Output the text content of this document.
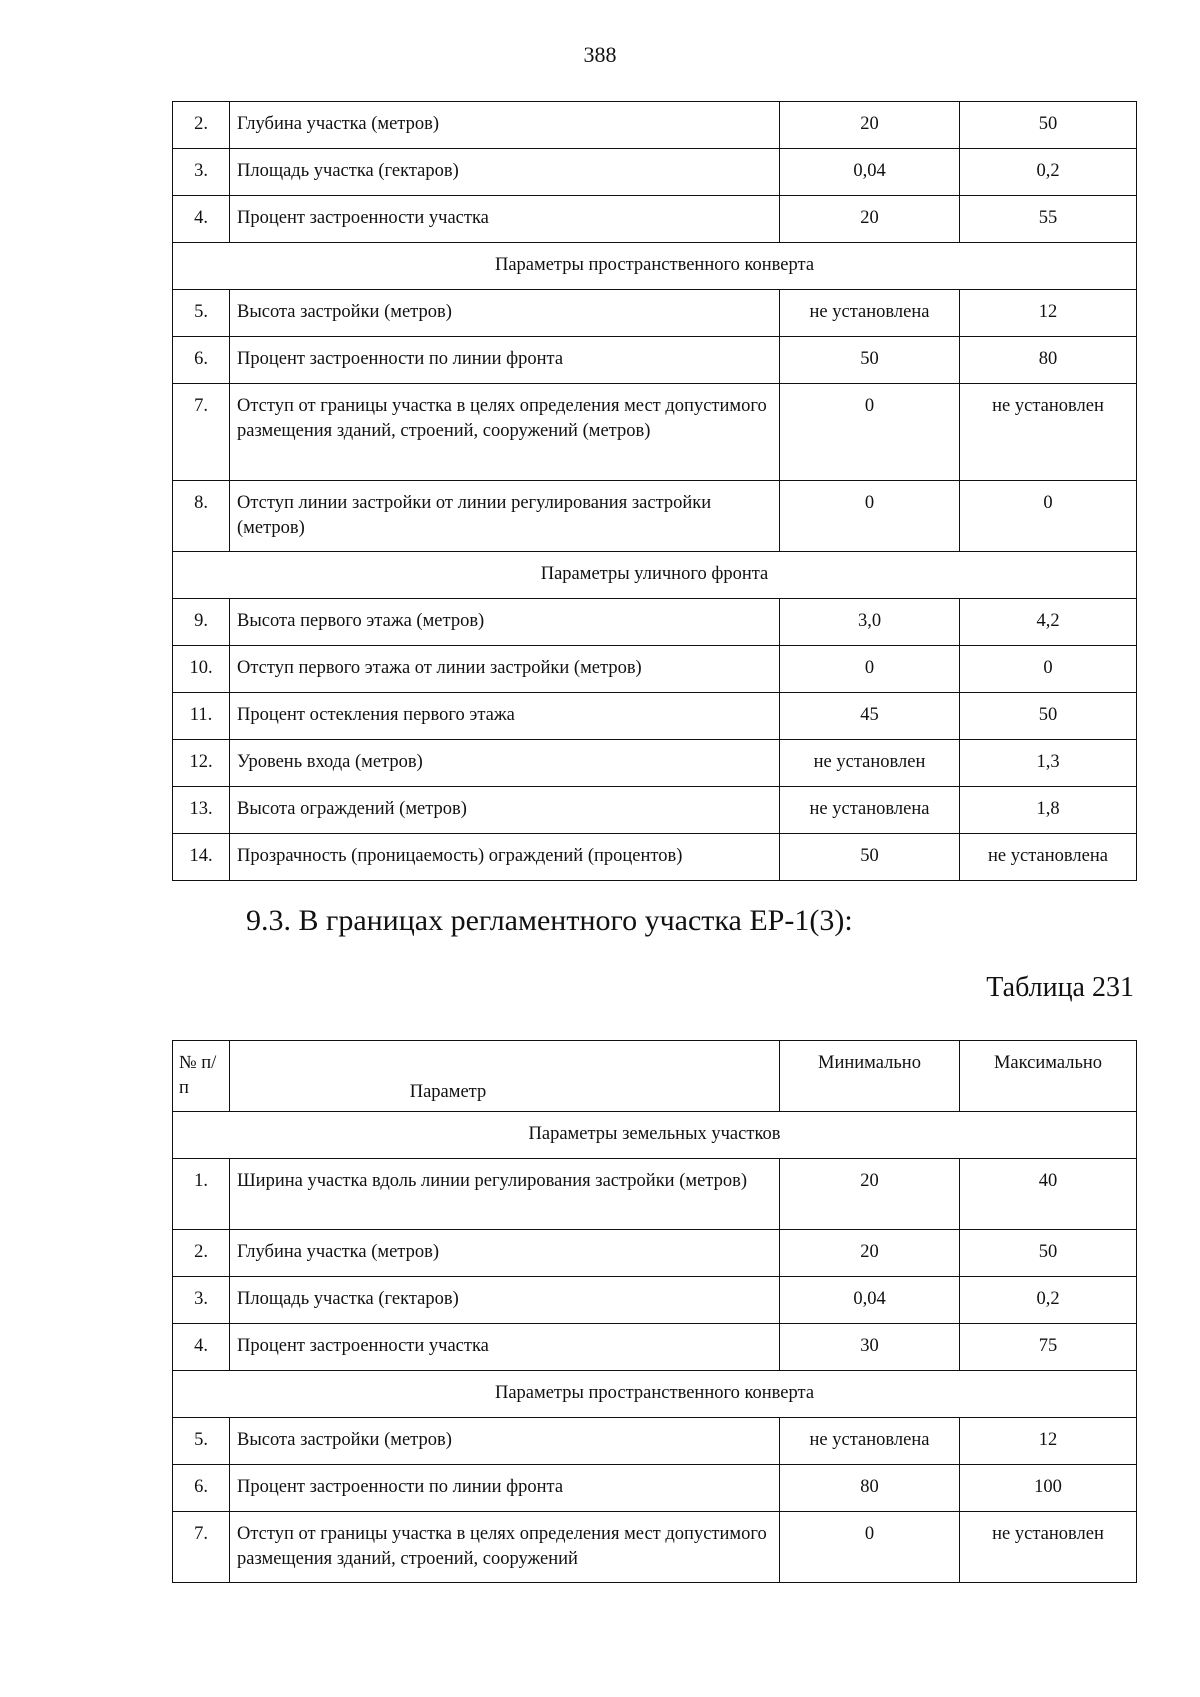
388
2.	Глубина участка (метров)	20	50
3.	Площадь участка (гектаров)	0,04	0,2
4.	Процент застроенности участка	20	55
Параметры пространственного конверта			
5.	Высота застройки (метров)	не установлена	12
6.	Процент застроенности по линии фронта	50	80
7.	Отступ от границы участка в целях определения мест допустимого размещения зданий, строений, сооружений (метров)	0	не установлен
8.	Отступ линии застройки от линии регулирования застройки (метров)	0	0
Параметры уличного фронта			
9.	Высота первого этажа (метров)	3,0	4,2
10.	Отступ первого этажа от линии застройки (метров)	0	0
11.	Процент остекления первого этажа	45	50
12.	Уровень входа (метров)	не установлен	1,3
13.	Высота ограждений (метров)	не установлена	1,8
14.	Прозрачность (проницаемость) ограждений (процентов)	50	не установлена
9.3. В границах регламентного участка ЕР-1(3):
Таблица 231
№ п/п	Параметр	Минимально	Максимально
Параметры земельных участков			
1.	Ширина участка вдоль линии регулирования застройки (метров)	20	40
2.	Глубина участка (метров)	20	50
3.	Площадь участка (гектаров)	0,04	0,2
4.	Процент застроенности участка	30	75
Параметры пространственного конверта			
5.	Высота застройки (метров)	не установлена	12
6.	Процент застроенности по линии фронта	80	100
7.	Отступ от границы участка в целях определения мест допустимого размещения зданий, строений, сооружений	0	не установлен
